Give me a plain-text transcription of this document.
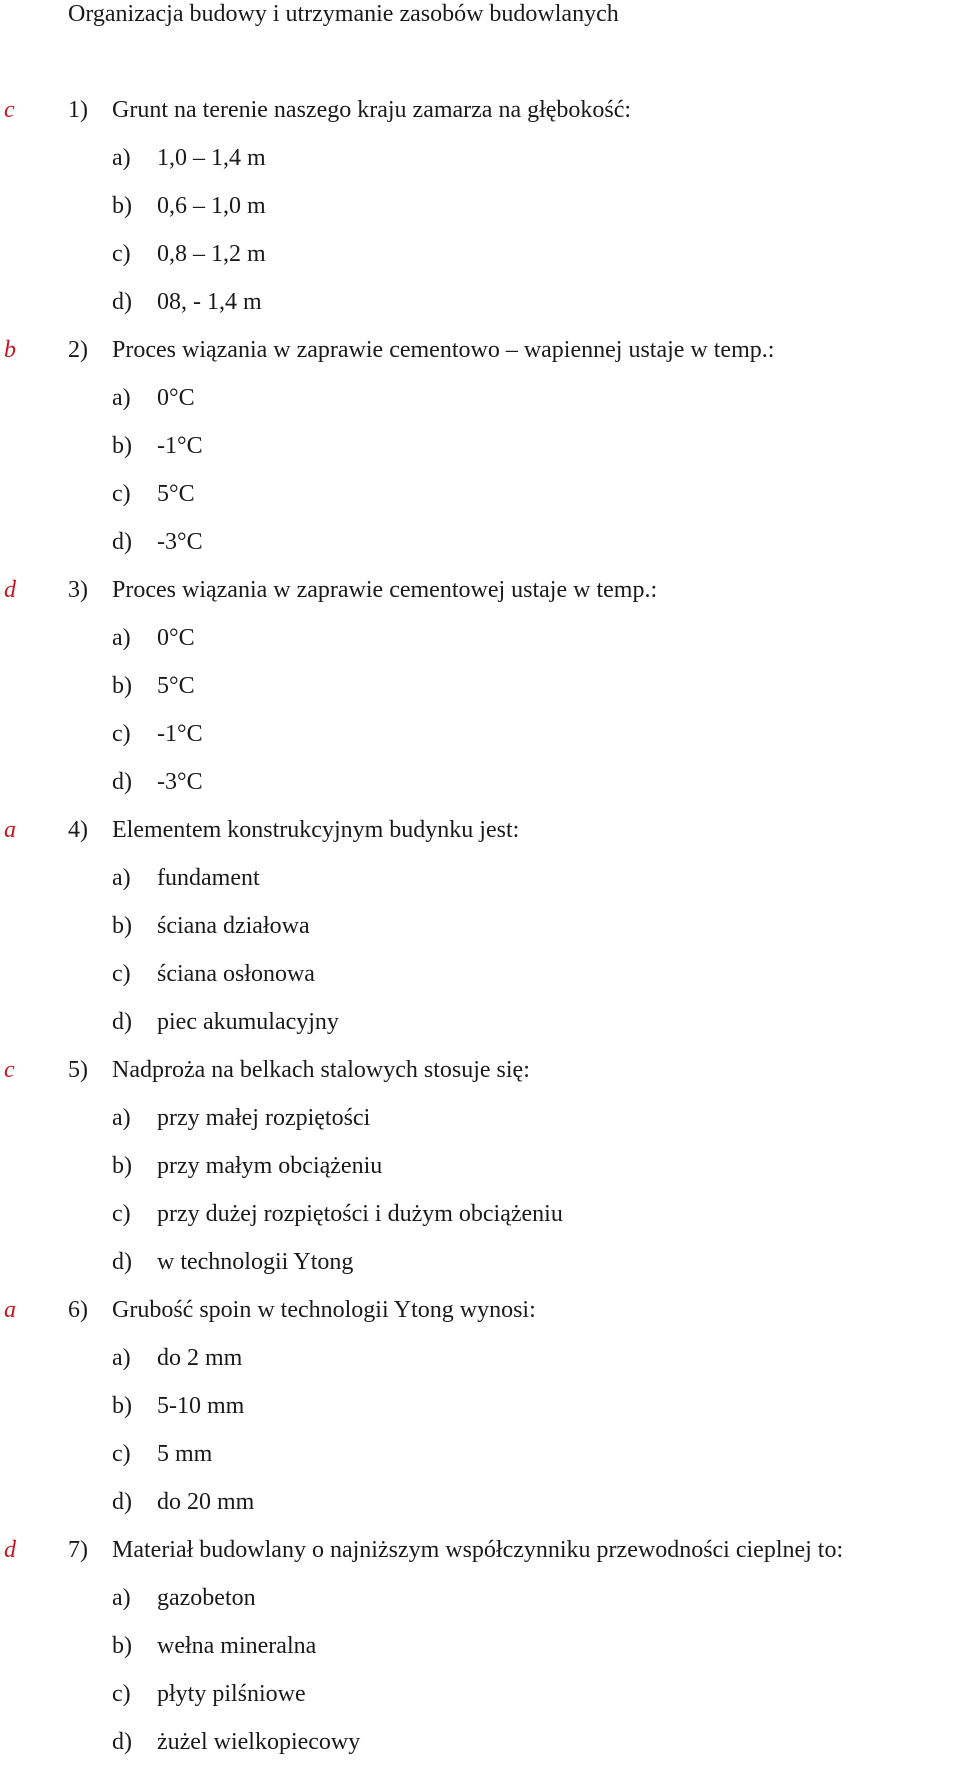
Organizacja budowy i utrzymanie zasobów budowlanych
c 1) Grunt na terenie naszego kraju zamarza na głębokość:
a) 1,0 – 1,4 m
b) 0,6 – 1,0 m
c) 0,8 – 1,2 m
d) 08, - 1,4 m
b 2) Proces wiązania w zaprawie cementowo – wapiennej ustaje w temp.:
a) 0°C
b) -1°C
c) 5°C
d) -3°C
d 3) Proces wiązania w zaprawie cementowej ustaje w temp.:
a) 0°C
b) 5°C
c) -1°C
d) -3°C
a 4) Elementem konstrukcyjnym budynku jest:
a) fundament
b) ściana działowa
c) ściana osłonowa
d) piec akumulacyjny
c 5) Nadproża na belkach stalowych stosuje się:
a) przy małej rozpiętości
b) przy małym obciążeniu
c) przy dużej rozpiętości i dużym obciążeniu
d) w technologii Ytong
a 6) Grubość spoin w technologii Ytong wynosi:
a) do 2 mm
b) 5-10 mm
c) 5 mm
d) do 20 mm
d 7) Materiał budowlany o najniższym współczynniku przewodności cieplnej to:
a) gazobeton
b) wełna mineralna
c) płyty pilśniowe
d) żużel wielkopiecowy
